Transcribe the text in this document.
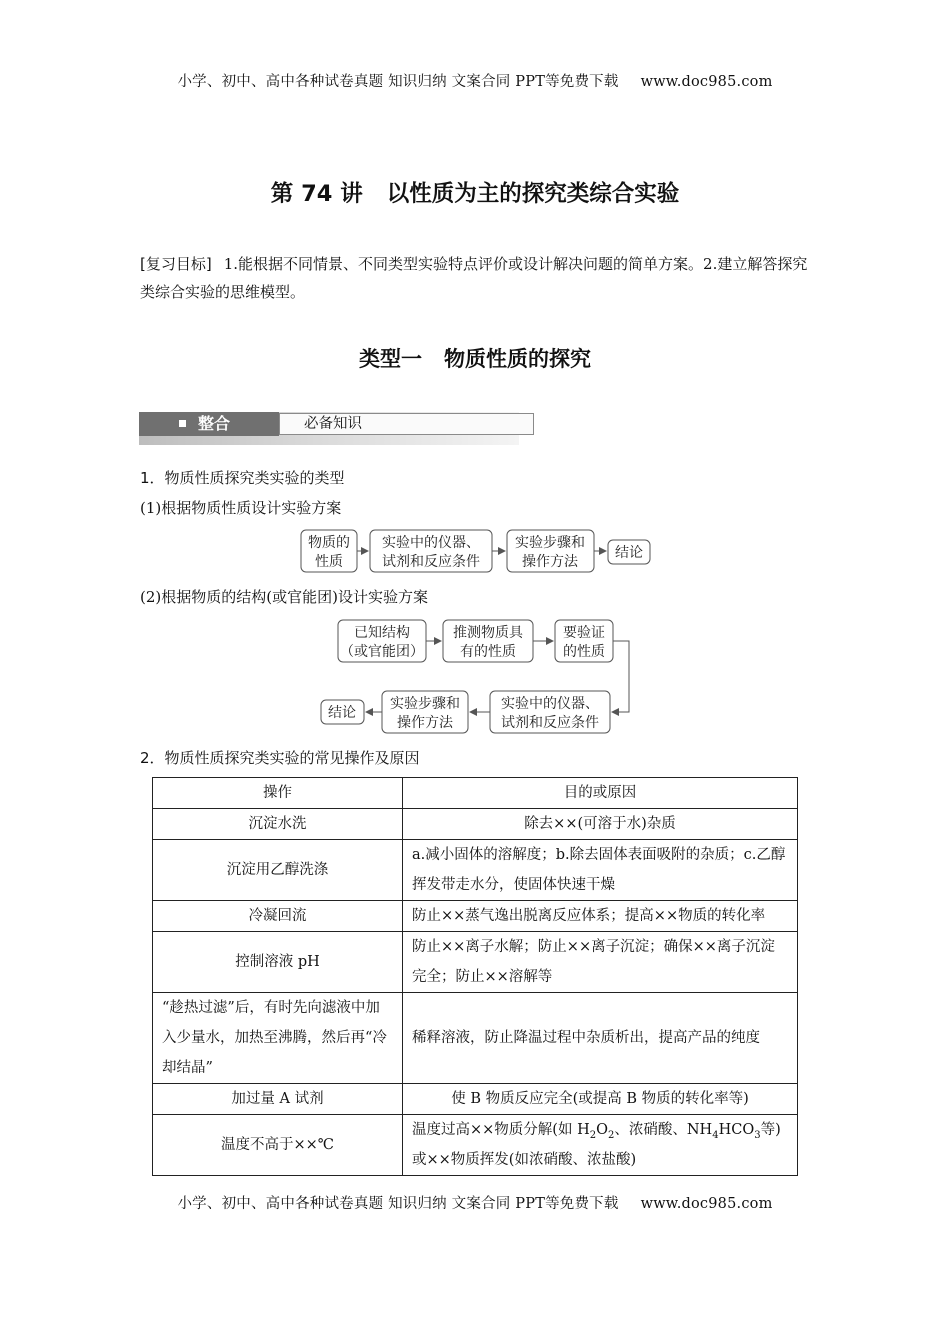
小学、初中、高中各种试卷真题 知识归纳 文案合同 PPT等免费下载 www.doc985.com
第 74 讲 以性质为主的探究类综合实验
[复习目标] 1.能根据不同情景、不同类型实验特点评价或设计解决问题的简单方案。2.建立解答探究类综合实验的思维模型。
类型一 物质性质的探究
整合	必备知识
1．物质性质探究类实验的类型
(1)根据物质性质设计实验方案
物质的
性质
实验中的仪器、
试剂和反应条件
实验步骤和
操作方法
结论
已知结构
（或官能团）
推测物质具
有的性质
要验证
的性质
实验中的仪器、
试剂和反应条件
实验步骤和
操作方法
结论
(2)根据物质的结构(或官能团)设计实验方案
2．物质性质探究类实验的常见操作及原因
操作	目的或原因
沉淀水洗	除去××(可溶于水)杂质
沉淀用乙醇洗涤	a.减小固体的溶解度；b.除去固体表面吸附的杂质；c.乙醇挥发带走水分，使固体快速干燥
冷凝回流	防止××蒸气逸出脱离反应体系；提高××物质的转化率
控制溶液 pH	防止××离子水解；防止××离子沉淀；确保××离子沉淀完全；防止××溶解等
“趁热过滤”后，有时先向滤液中加入少量水，加热至沸腾，然后再“冷却结晶”	稀释溶液，防止降温过程中杂质析出，提高产品的纯度
加过量 A 试剂	使 B 物质反应完全(或提高 B 物质的转化率等)
温度不高于××℃	温度过高××物质分解(如 $H_2O_2$、浓硝酸、$NH_4HCO_3$等)或××物质挥发(如浓硝酸、浓盐酸)
小学、初中、高中各种试卷真题 知识归纳 文案合同 PPT等免费下载 www.doc985.com
